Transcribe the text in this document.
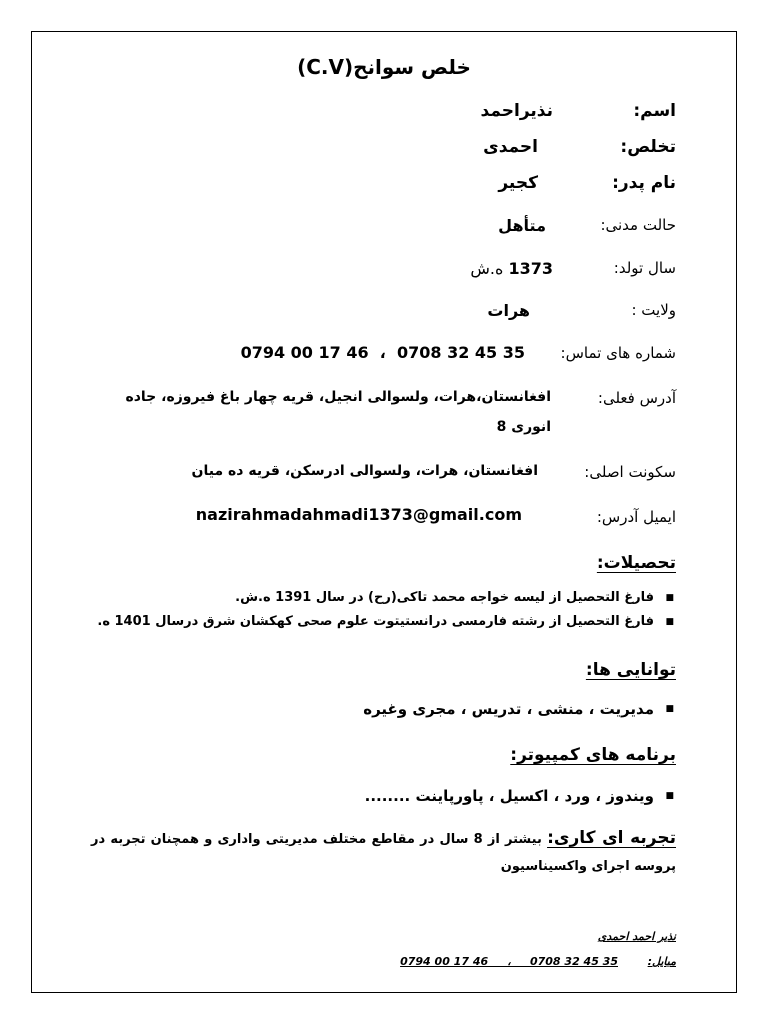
خلص سوانح(C.V)
اسم:
نذیراحمد
تخلص:
احمدی
نام پدر:
کجیر
حالت مدنی:
متأهل
سال تولد:
1373 ه.ش
ولایت :
هرات
شماره های تماس:
0794 00 17 46  ،  0708 32 45 35
آدرس فعلی:
افغانستان،هرات، ولسوالی انجیل، قریه چهار باغ فیروزه، جاده
انوری 8
سکونت اصلی:
افغانستان، هرات، ولسوالی ادرسکن، قریه ده میان
ایمیل آدرس:
nazirahmadahmadi1373@gmail.com
تحصیلات:
■ فارغ التحصیل از لیسه خواجه محمد تاکی(رح) در سال 1391 ه.ش.
■ فارغ التحصیل از رشته فارمسی درانستیتوت علوم صحی کهکشان شرق درسال 1401 ه.
توانایی ها:
■ مدیریت ، منشی ، تدریس ، مجری وغیره
برنامه های کمپیوتر:
■ ویندوز ، ورد ، اکسیل ، پاورپاینت ........
تجربه ای کاری: بیشتر از 8 سال در مقاطع مختلف مدیریتی واداری و همچنان تجربه در پروسه اجرای واکسیناسیون
نذیر احمد احمدی
مبایل:
0794 00 17 46     ،     0708 32 45 35
